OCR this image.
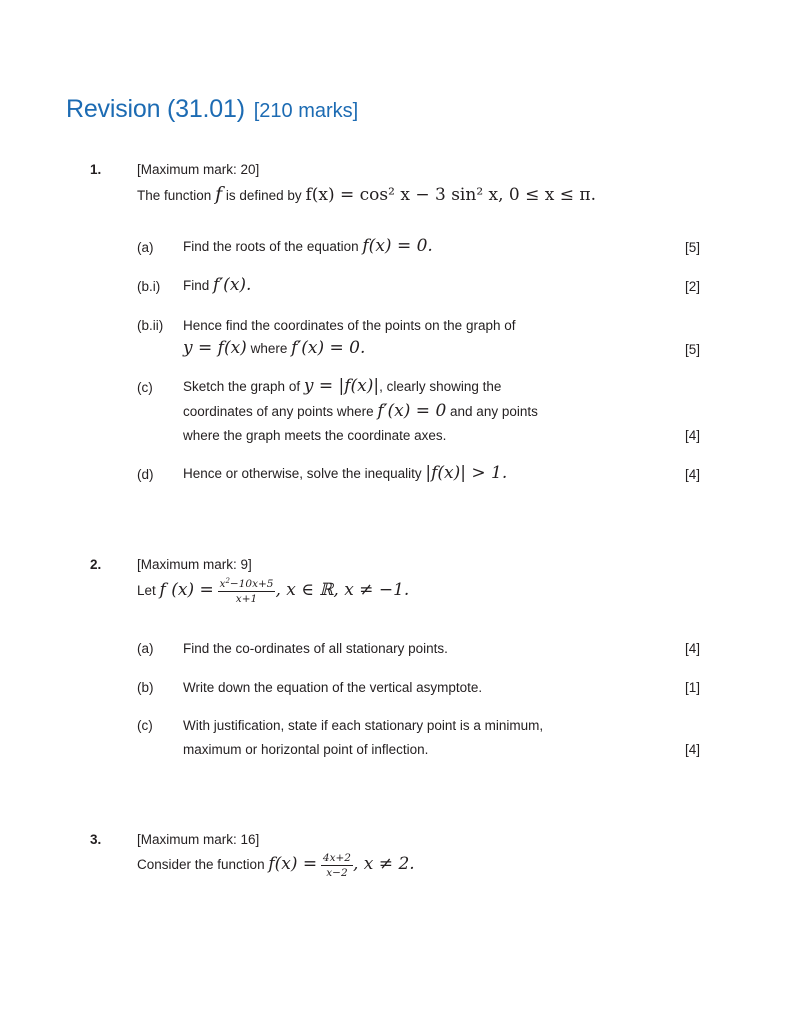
Revision (31.01) [210 marks]
1.	[Maximum mark: 20]
The function f is defined by f(x) = cos² x − 3 sin² x, 0 ≤ x ≤ π.
(a) Find the roots of the equation f(x) = 0.	[5]
(b.i) Find f′(x).	[2]
(b.ii) Hence find the coordinates of the points on the graph of
y = f(x) where f′(x) = 0.	[5]
(c) Sketch the graph of y = |f(x)|, clearly showing the
coordinates of any points where f′(x) = 0 and any points
where the graph meets the coordinate axes.	[4]
(d) Hence or otherwise, solve the inequality |f(x)| > 1.	[4]
2.	[Maximum mark: 9]
Let f $(x) = \frac{x^2-10x+5}{x+1}$ , x ∈ ℝ, x ≠ −1.
(a) Find the co-ordinates of all stationary points.	[4]
(b) Write down the equation of the vertical asymptote.	[1]
(c) With justification, state if each stationary point is a minimum,
maximum or horizontal point of inflection.	[4]
3.	[Maximum mark: 16]
Consider the function $f(x) = \frac{4x+2}{x-2}$ , x ≠ 2.
